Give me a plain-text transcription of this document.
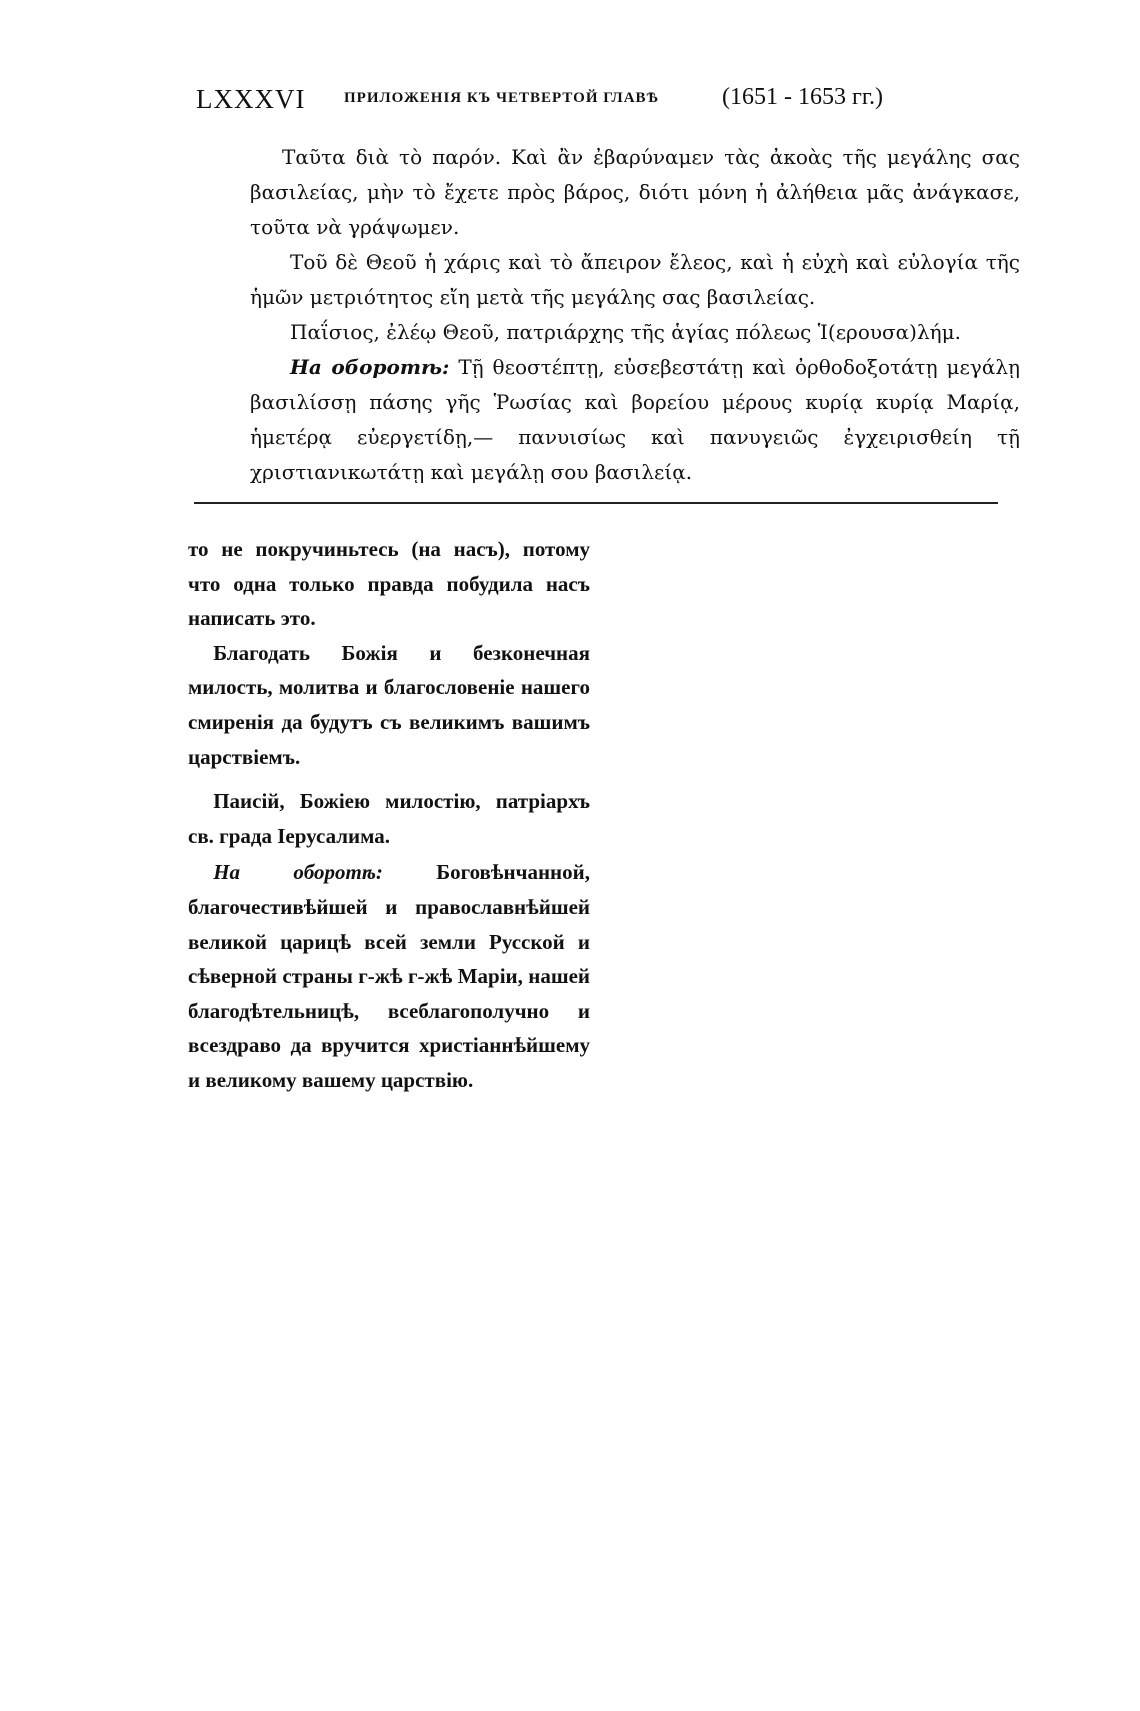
LXXXVI	ПРИЛОЖЕНІЯ КЪ ЧЕТВЕРТОЙ ГЛАВѢ	(1651 - 1653 гг.)

Ταῦτα διὰ τὸ παρόν. Καὶ ἂν ἐβαρύναμεν τὰς ἀκοὰς τῆς μεγάλης σας βασιλείας, μὴν τὸ ἔχετε πρὸς βάρος, διότι μόνη ἡ ἀλήθεια μᾶς ἀνάγκασε, τοῦτα νὰ γράψωμεν.

Τοῦ δὲ Θεοῦ ἡ χάρις καὶ τὸ ἄπειρον ἔλεος, καὶ ἡ εὐχὴ καὶ εὐλογία τῆς ἡμῶν μετριότητος εἴη μετὰ τῆς μεγάλης σας βασιλείας.

Παΐσιος, ἐλέῳ Θεοῦ, πατριάρχης τῆς ἁγίας πόλεως Ἱ(ερουσα)λήμ.

На оборотѣ: Τῇ θεοστέπτῃ, εὐσεβεστάτῃ καὶ ὀρθοδοξοτάτῃ μεγάλῃ βασιλίσσῃ πάσης γῆς Ῥωσίας καὶ βορείου μέρους κυρίᾳ κυρίᾳ Μαρίᾳ, ἡμετέρᾳ εὐεργετίδῃ,— πανυισίως καὶ πανυγειῶς ἐγχειρισθείη τῇ χριστιανικωτάτῃ καὶ μεγάλῃ σου βασιλείᾳ.

то не покручиньтесь (на насъ), потому что одна только правда побудила насъ написать это.

Благодать Божія и безконечная милость, молитва и благословеніе нашего смиренія да будутъ съ великимъ вашимъ царствіемъ.

Паисій, Божіею милостію, патріархъ св. града Іерусалима.

На оборотѣ:	Боговѣнчанной, благочестивѣйшей и православнѣйшей великой царицѣ всей земли Русской и сѣверной страны г-жѣ г-жѣ Маріи, нашей благодѣтельницѣ, всеблагополучно и всездраво да вручится христіаннѣйшему и великому вашему царствію.
